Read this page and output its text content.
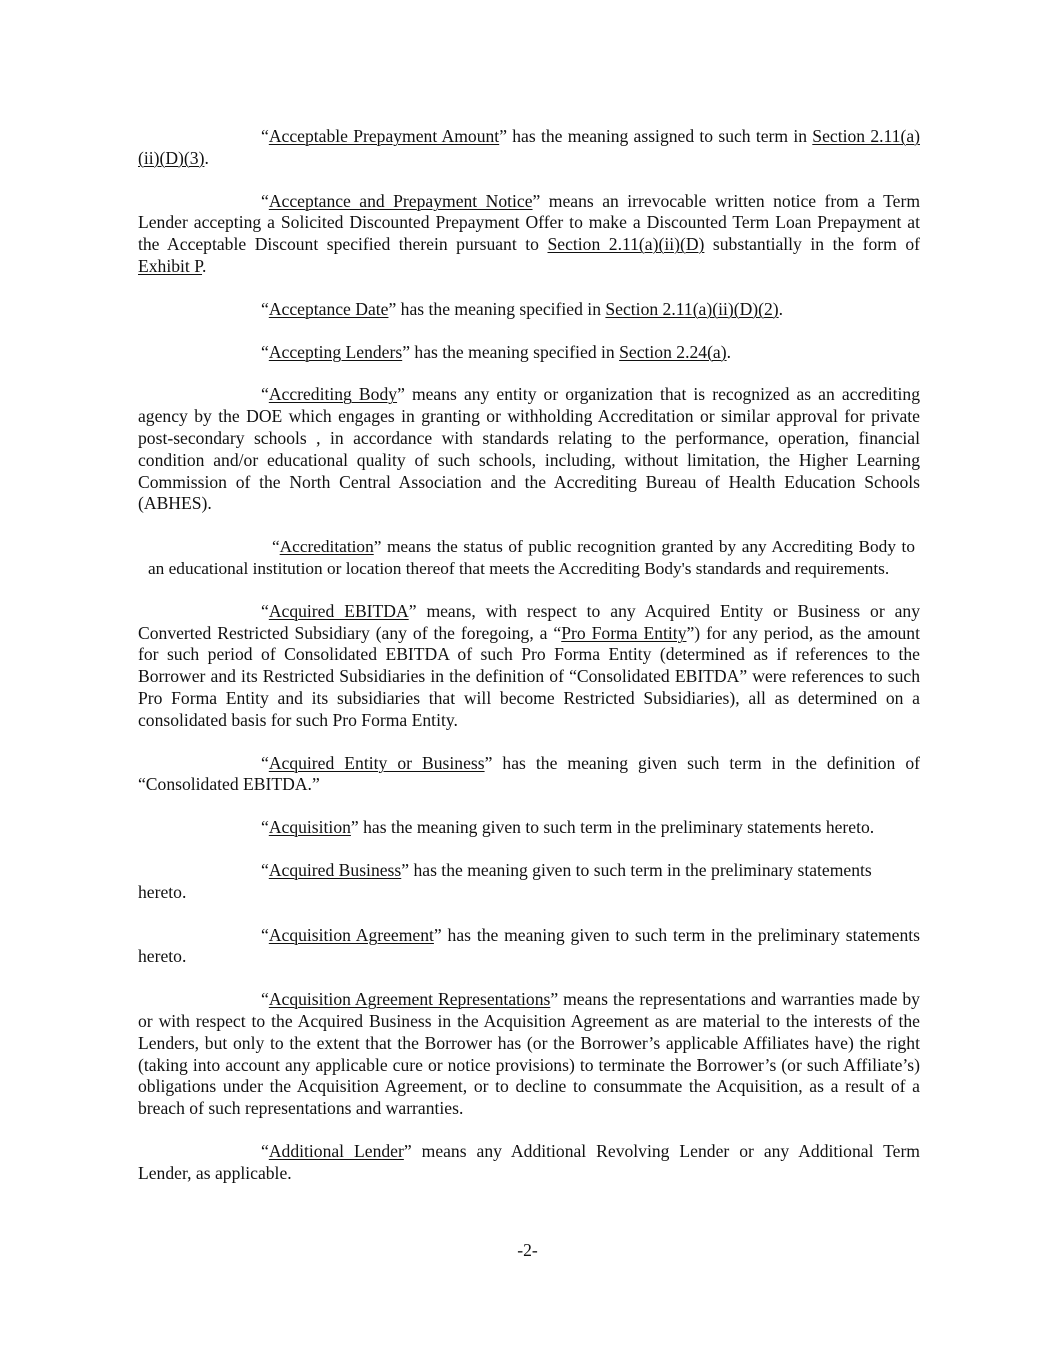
“Acceptable Prepayment Amount” has the meaning assigned to such term in Section 2.11(a)(ii)(D)(3).

“Acceptance and Prepayment Notice” means an irrevocable written notice from a Term Lender accepting a Solicited Discounted Prepayment Offer to make a Discounted Term Loan Prepayment at the Acceptable Discount specified therein pursuant to Section 2.11(a)(ii)(D) substantially in the form of Exhibit P.

“Acceptance Date” has the meaning specified in Section 2.11(a)(ii)(D)(2).

“Accepting Lenders” has the meaning specified in Section 2.24(a).

“Accrediting Body” means any entity or organization that is recognized as an accrediting agency by the DOE which engages in granting or withholding Accreditation or similar approval for private post-secondary schools , in accordance with standards relating to the performance, operation, financial condition and/or educational quality of such schools, including, without limitation, the Higher Learning Commission of the North Central Association and the Accrediting Bureau of Health Education Schools (ABHES).

“Accreditation” means the status of public recognition granted by any Accrediting Body to an educational institution or location thereof that meets the Accrediting Body's standards and requirements.

“Acquired EBITDA” means, with respect to any Acquired Entity or Business or any Converted Restricted Subsidiary (any of the foregoing, a “Pro Forma Entity”) for any period, as the amount for such period of Consolidated EBITDA of such Pro Forma Entity (determined as if references to the Borrower and its Restricted Subsidiaries in the definition of “Consolidated EBITDA” were references to such Pro Forma Entity and its subsidiaries that will become Restricted Subsidiaries), all as determined on a consolidated basis for such Pro Forma Entity.

“Acquired Entity or Business” has the meaning given such term in the definition of “Consolidated EBITDA.”

“Acquisition” has the meaning given to such term in the preliminary statements hereto.

“Acquired Business” has the meaning given to such term in the preliminary statements
hereto.

“Acquisition Agreement” has the meaning given to such term in the preliminary statements hereto.

“Acquisition Agreement Representations” means the representations and warranties made by or with respect to the Acquired Business in the Acquisition Agreement as are material to the interests of the Lenders, but only to the extent that the Borrower has (or the Borrower’s applicable Affiliates have) the right (taking into account any applicable cure or notice provisions) to terminate the Borrower’s (or such Affiliate’s) obligations under the Acquisition Agreement, or to decline to consummate the Acquisition, as a result of a breach of such representations and warranties.

“Additional Lender” means any Additional Revolving Lender or any Additional Term Lender, as applicable.

-2-
